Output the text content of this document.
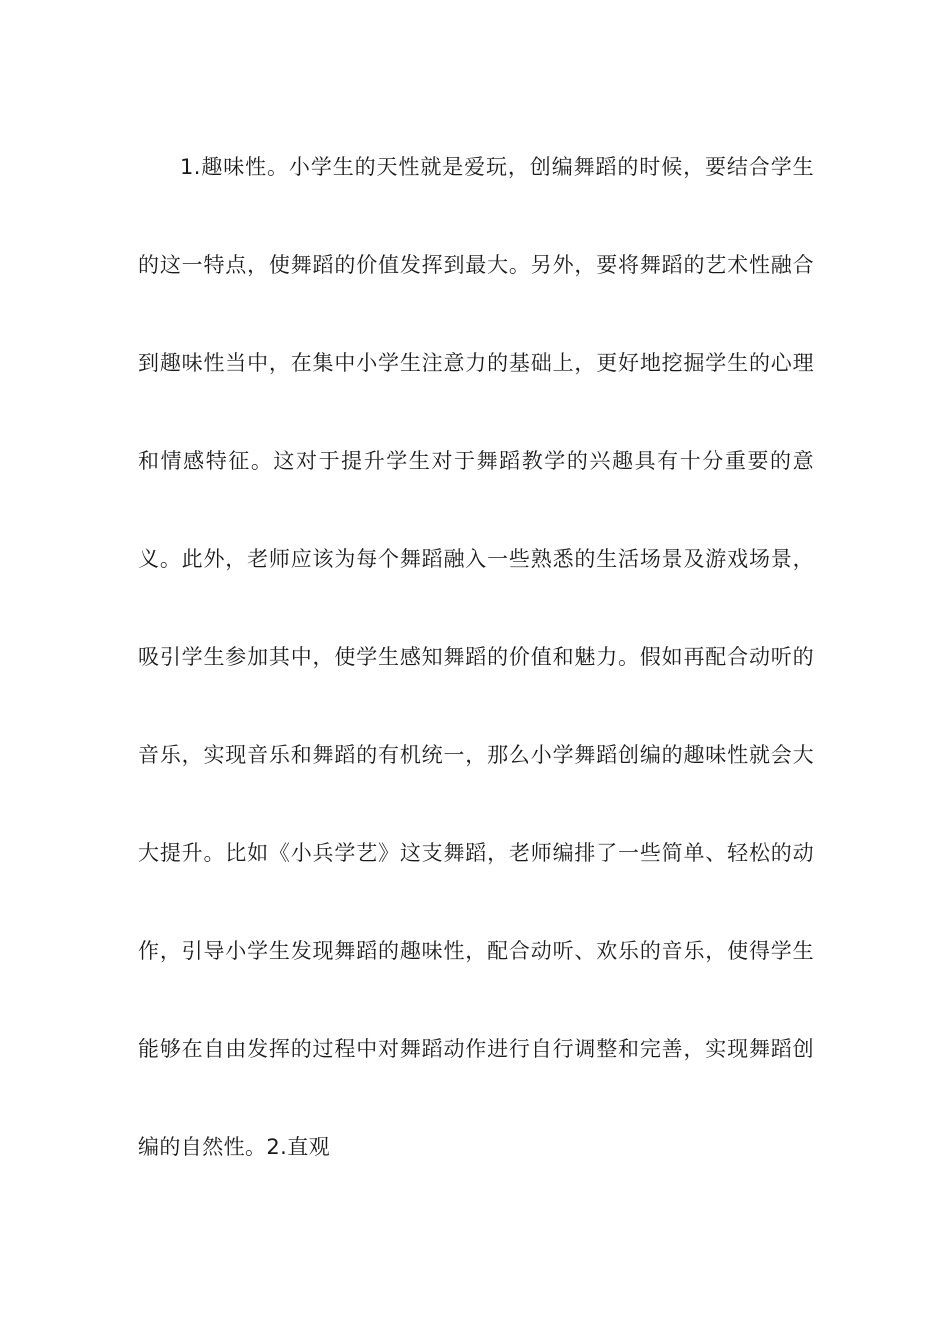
1.趣味性。小学生的天性就是爱玩，创编舞蹈的时候，要结合学生的这一特点，使舞蹈的价值发挥到最大。另外，要将舞蹈的艺术性融合到趣味性当中，在集中小学生注意力的基础上，更好地挖掘学生的心理和情感特征。这对于提升学生对于舞蹈教学的兴趣具有十分重要的意义。此外，老师应该为每个舞蹈融入一些熟悉的生活场景及游戏场景，吸引学生参加其中，使学生感知舞蹈的价值和魅力。假如再配合动听的音乐，实现音乐和舞蹈的有机统一，那么小学舞蹈创编的趣味性就会大大提升。比如《小兵学艺》这支舞蹈，老师编排了一些简单、轻松的动作，引导小学生发现舞蹈的趣味性，配合动听、欢乐的音乐，使得学生能够在自由发挥的过程中对舞蹈动作进行自行调整和完善，实现舞蹈创编的自然性。2.直观
